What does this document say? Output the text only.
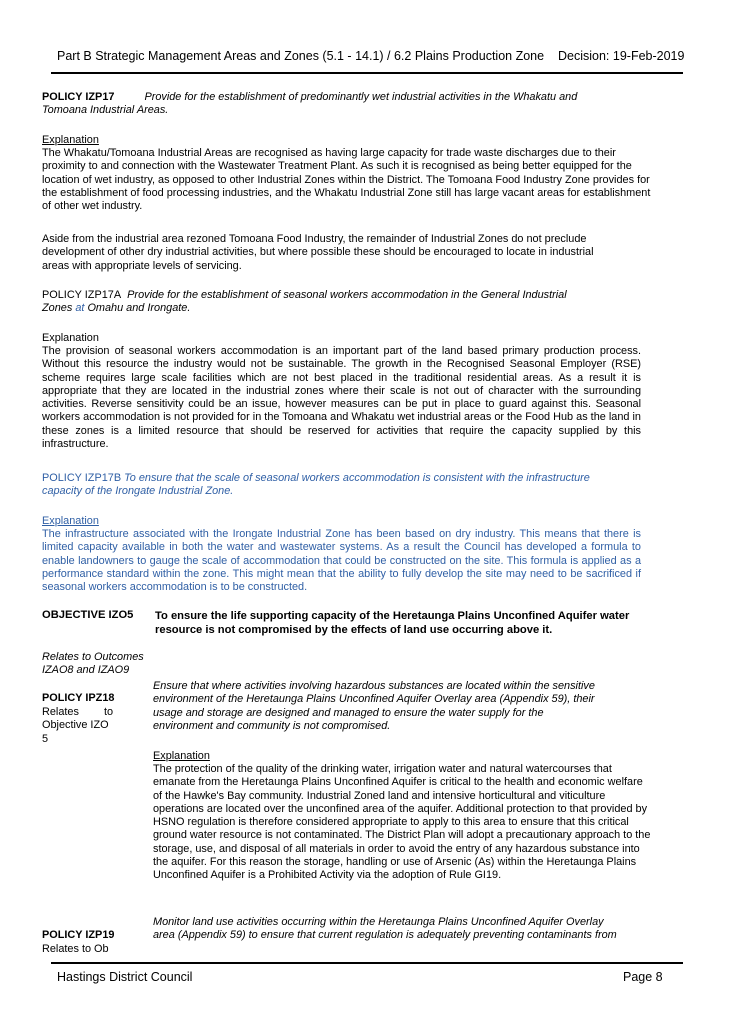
Part B Strategic Management Areas and Zones (5.1 - 14.1) / 6.2 Plains Production Zone Decision: 19-Feb-2019
POLICY IZP17	Provide for the establishment of predominantly wet industrial activities in the Whakatu and
Tomoana Industrial Areas.
Explanation
The Whakatu/Tomoana Industrial Areas are recognised as having large capacity for trade waste discharges due to their proximity to and connection with the Wastewater Treatment Plant. As such it is recognised as being better equipped for the location of wet industry, as opposed to other Industrial Zones within the District. The Tomoana Food Industry Zone provides for the establishment of food processing industries, and the Whakatu Industrial Zone still has large vacant areas for establishment of other wet industry.
Aside from the industrial area rezoned Tomoana Food Industry, the remainder of Industrial Zones do not preclude
development of other dry industrial activities, but where possible these should be encouraged to locate in industrial
areas with appropriate levels of servicing.
POLICY IZP17A Provide for the establishment of seasonal workers accommodation in the General Industrial
Zones at Omahu and Irongate.
Explanation
The provision of seasonal workers accommodation is an important part of the land based primary production process. Without this resource the industry would not be sustainable. The growth in the Recognised Seasonal Employer (RSE) scheme requires large scale facilities which are not best placed in the traditional residential areas. As a result it is appropriate that they are located in the industrial zones where their scale is not out of character with the surrounding activities. Reverse sensitivity could be an issue, however measures can be put in place to guard against this. Seasonal workers accommodation is not provided for in the Tomoana and Whakatu wet industrial areas or the Food Hub as the land in these zones is a limited resource that should be reserved for activities that require the capacity supplied by this infrastructure.
POLICY IZP17B To ensure that the scale of seasonal workers accommodation is consistent with the infrastructure
capacity of the Irongate Industrial Zone.
Explanation
The infrastructure associated with the Irongate Industrial Zone has been based on dry industry. This means that there is limited capacity available in both the water and wastewater systems. As a result the Council has developed a formula to enable landowners to gauge the scale of accommodation that could be constructed on the site. This formula is applied as a performance standard within the zone. This might mean that the ability to fully develop the site may need to be sacrificed if seasonal workers accommodation is to be constructed.
OBJECTIVE IZO5 To ensure the life supporting capacity of the Heretaunga Plains Unconfined Aquifer water
resource is not compromised by the effects of land use occurring above it.
Relates to Outcomes
IZAO8 and IZAO9
POLICY IPZ18
Relates to
Objective IZO
5
Ensure that where activities involving hazardous substances are located within the sensitive
environment of the Heretaunga Plains Unconfined Aquifer Overlay area (Appendix 59), their
usage and storage are designed and managed to ensure the water supply for the
environment and community is not compromised.
Explanation
The protection of the quality of the drinking water, irrigation water and natural watercourses that emanate from the Heretaunga Plains Unconfined Aquifer is critical to the health and economic welfare of the Hawke's Bay community. Industrial Zoned land and intensive horticultural and viticulture operations are located over the unconfined area of the aquifer. Additional protection to that provided by HSNO regulation is therefore considered appropriate to apply to this area to ensure that this critical ground water resource is not contaminated. The District Plan will adopt a precautionary approach to the storage, use, and disposal of all materials in order to avoid the entry of any hazardous substance into the aquifer. For this reason the storage, handling or use of Arsenic (As) within the Heretaunga Plains Unconfined Aquifer is a Prohibited Activity via the adoption of Rule GI19.
Monitor land use activities occurring within the Heretaunga Plains Unconfined Aquifer Overlay
area (Appendix 59) to ensure that current regulation is adequately preventing contaminants from
POLICY IZP19
Relates to Ob
Hastings District Council	Page 8
